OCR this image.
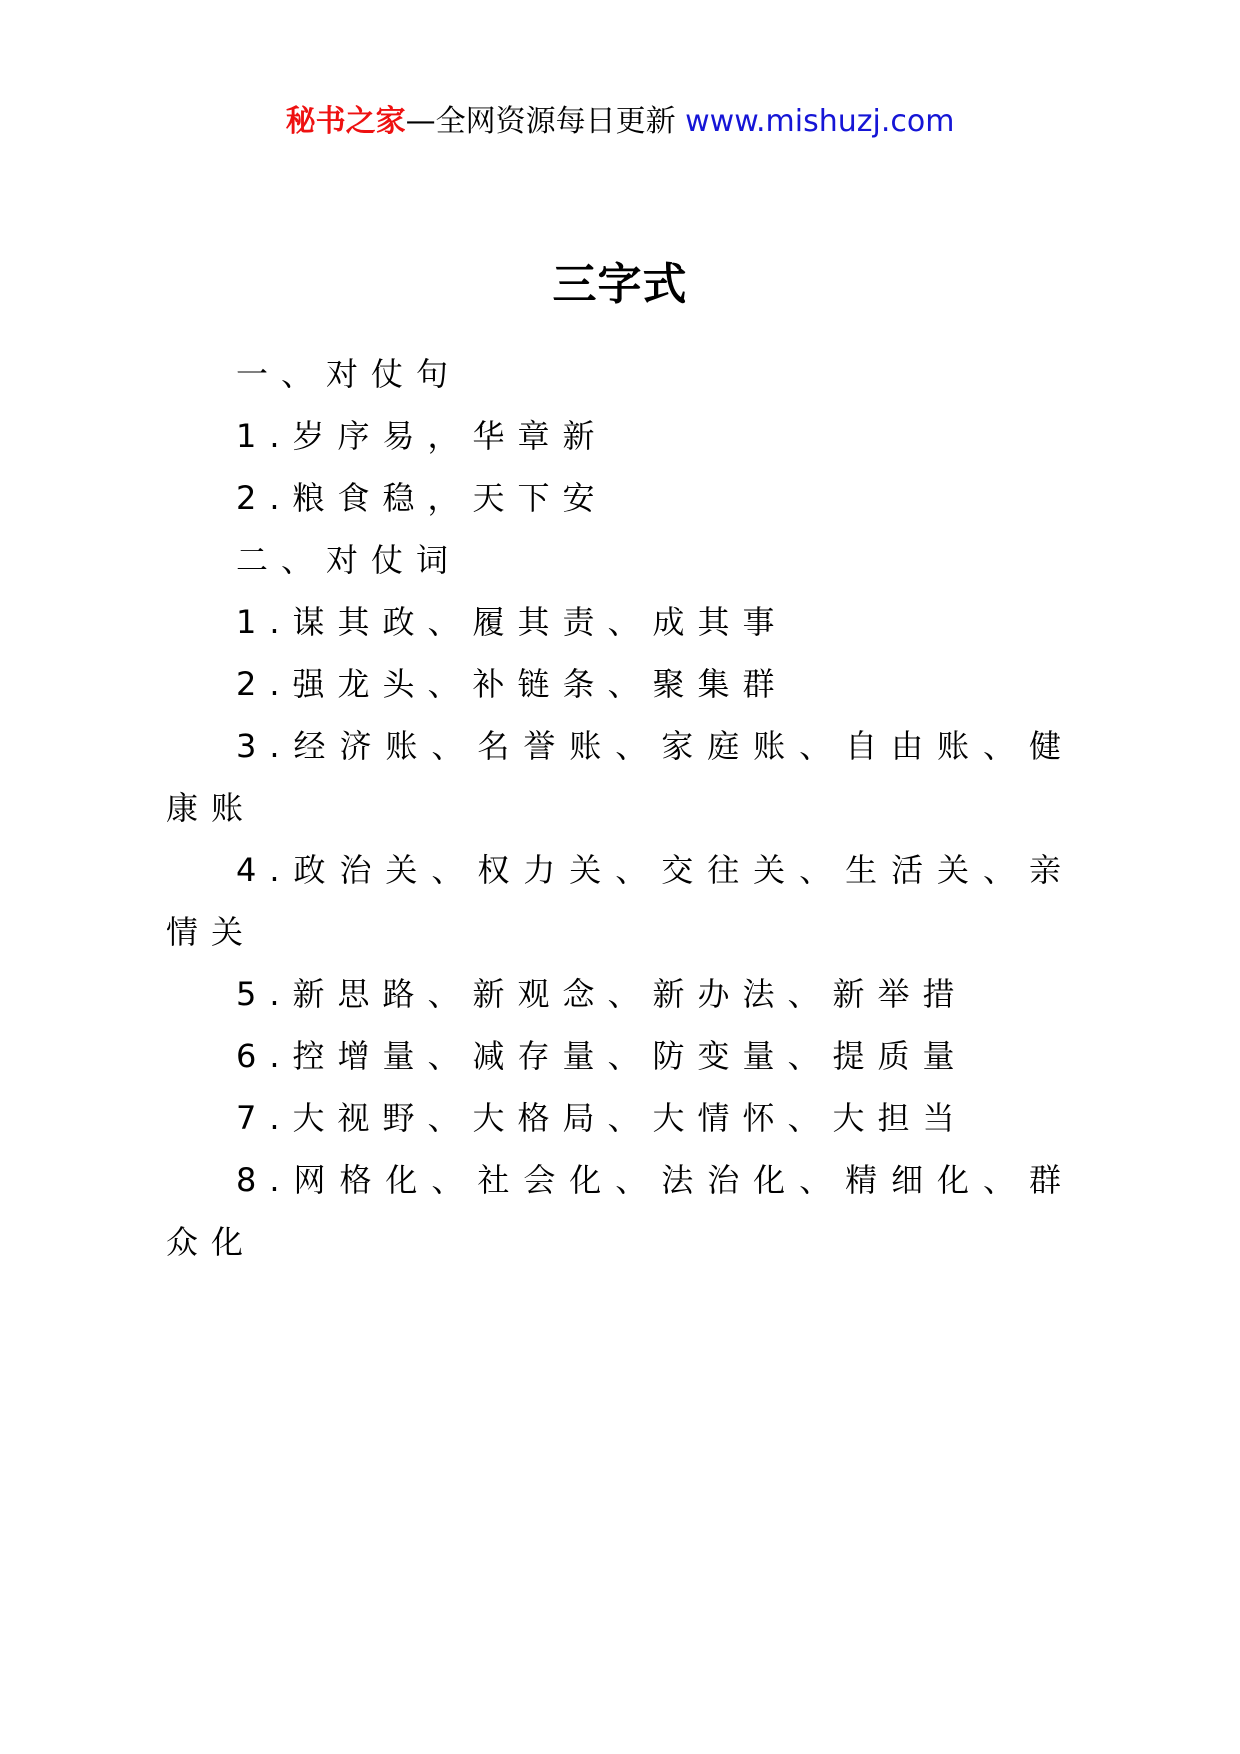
秘书之家—全网资源每日更新 www.mishuzj.com
三字式

一、对仗句

1.岁序易，华章新

2.粮食稳，天下安

二、对仗词

1.谋其政、履其责、成其事

2.强龙头、补链条、聚集群

3.经济账、名誉账、家庭账、自由账、健康账

4.政治关、权力关、交往关、生活关、亲情关

5.新思路、新观念、新办法、新举措

6.控增量、减存量、防变量、提质量

7.大视野、大格局、大情怀、大担当

8.网格化、社会化、法治化、精细化、群众化
